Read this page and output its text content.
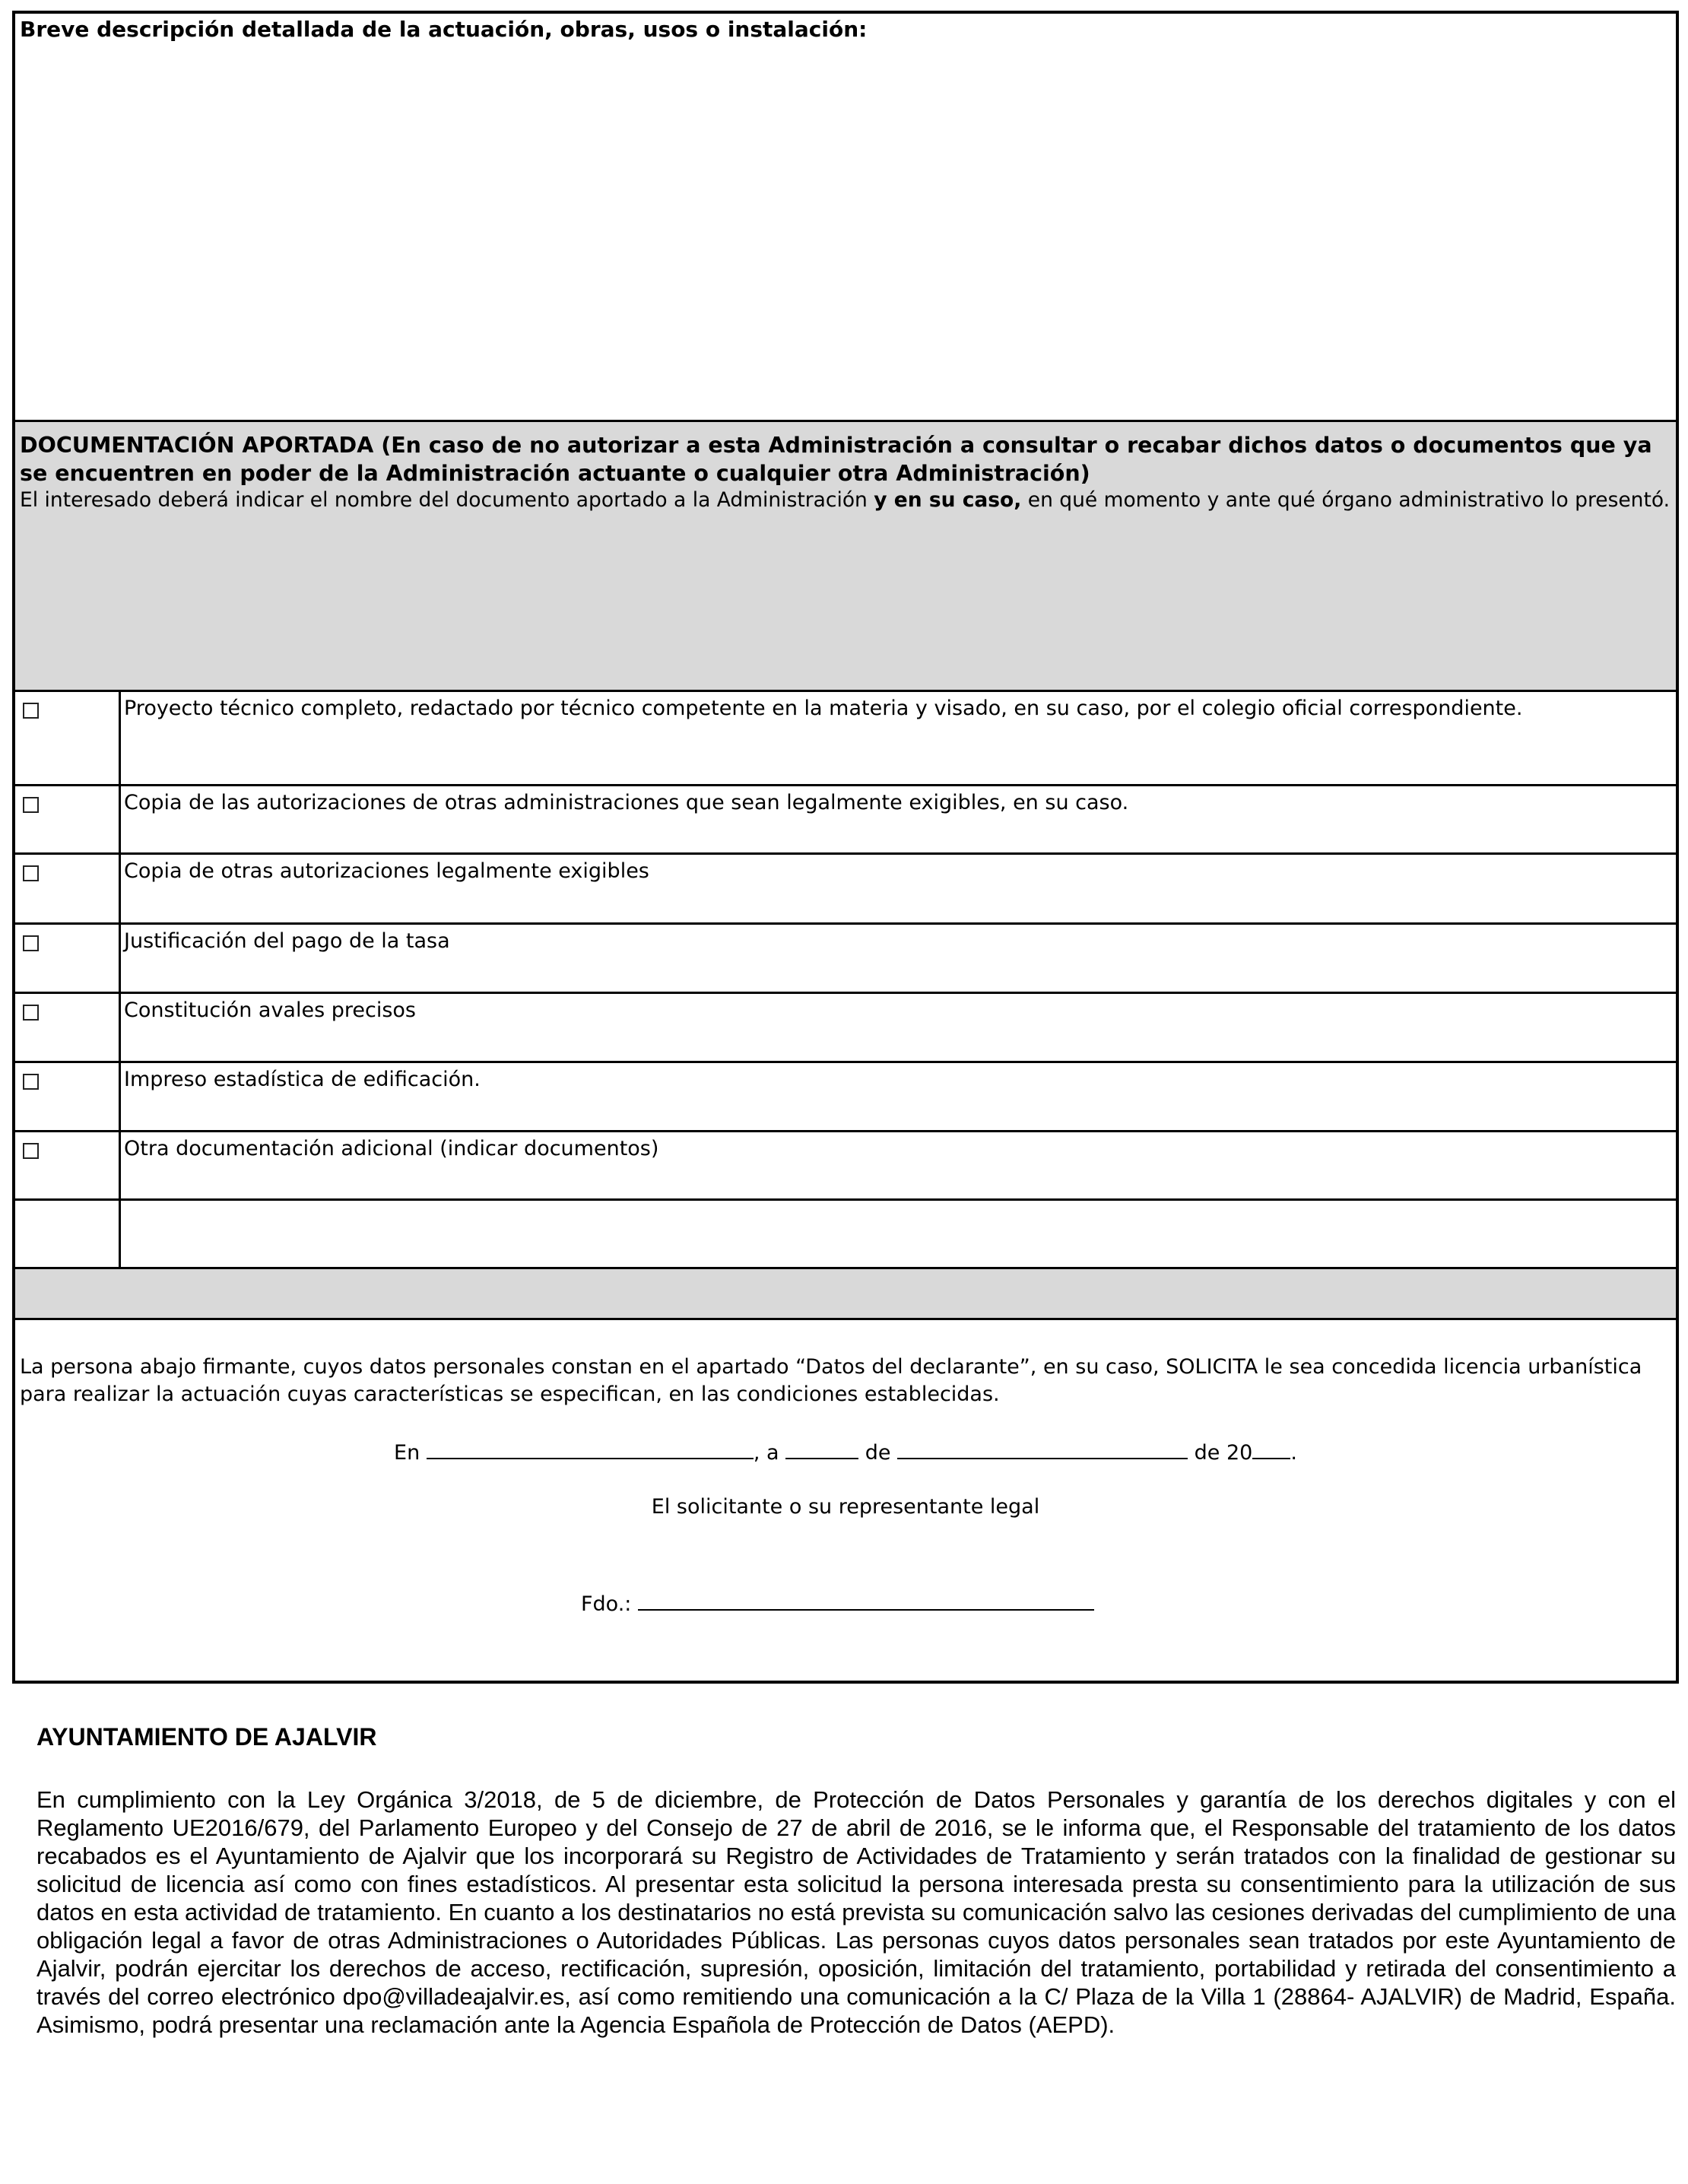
Breve descripción detallada de la actuación, obras, usos o instalación:
DOCUMENTACIÓN APORTADA (En caso de no autorizar a esta Administración a consultar o recabar dichos datos o documentos que ya se encuentren en poder de la Administración actuante o cualquier otra Administración)
El interesado deberá indicar el nombre del documento aportado a la Administración y en su caso, en qué momento y ante qué órgano administrativo lo presentó.
Proyecto técnico completo, redactado por técnico competente en la materia y visado, en su caso, por el colegio oficial correspondiente.
Copia de las autorizaciones de otras administraciones que sean legalmente exigibles, en su caso.
Copia de otras autorizaciones legalmente exigibles
Justificación del pago de la tasa
Constitución avales precisos
Impreso estadística de edificación.
Otra documentación adicional (indicar documentos)
La persona abajo firmante, cuyos datos personales constan en el apartado “Datos del declarante”, en su caso, SOLICITA le sea concedida licencia urbanística para realizar la actuación cuyas características se especifican, en las condiciones establecidas.
En	, a	de	de 20 .
El solicitante o su representante legal
Fdo.:
AYUNTAMIENTO DE AJALVIR
En cumplimiento con la Ley Orgánica 3/2018, de 5 de diciembre, de Protección de Datos Personales y garantía de los derechos digitales y con el Reglamento UE2016/679, del Parlamento Europeo y del Consejo de 27 de abril de 2016, se le informa que, el Responsable del tratamiento de los datos recabados es el Ayuntamiento de Ajalvir que los incorporará su Registro de Actividades de Tratamiento y serán tratados con la finalidad de gestionar su solicitud de licencia así como con fines estadísticos. Al presentar esta solicitud la persona interesada presta su consentimiento para la utilización de sus datos en esta actividad de tratamiento. En cuanto a los destinatarios no está prevista su comunicación salvo las cesiones derivadas del cumplimiento de una obligación legal a favor de otras Administraciones o Autoridades Públicas. Las personas cuyos datos personales sean tratados por este Ayuntamiento de Ajalvir, podrán ejercitar los derechos de acceso, rectificación, supresión, oposición, limitación del tratamiento, portabilidad y retirada del consentimiento a través del correo electrónico dpo@villadeajalvir.es, así como remitiendo una comunicación a la C/ Plaza de la Villa 1 (28864- AJALVIR) de Madrid, España. Asimismo, podrá presentar una reclamación ante la Agencia Española de Protección de Datos (AEPD).
